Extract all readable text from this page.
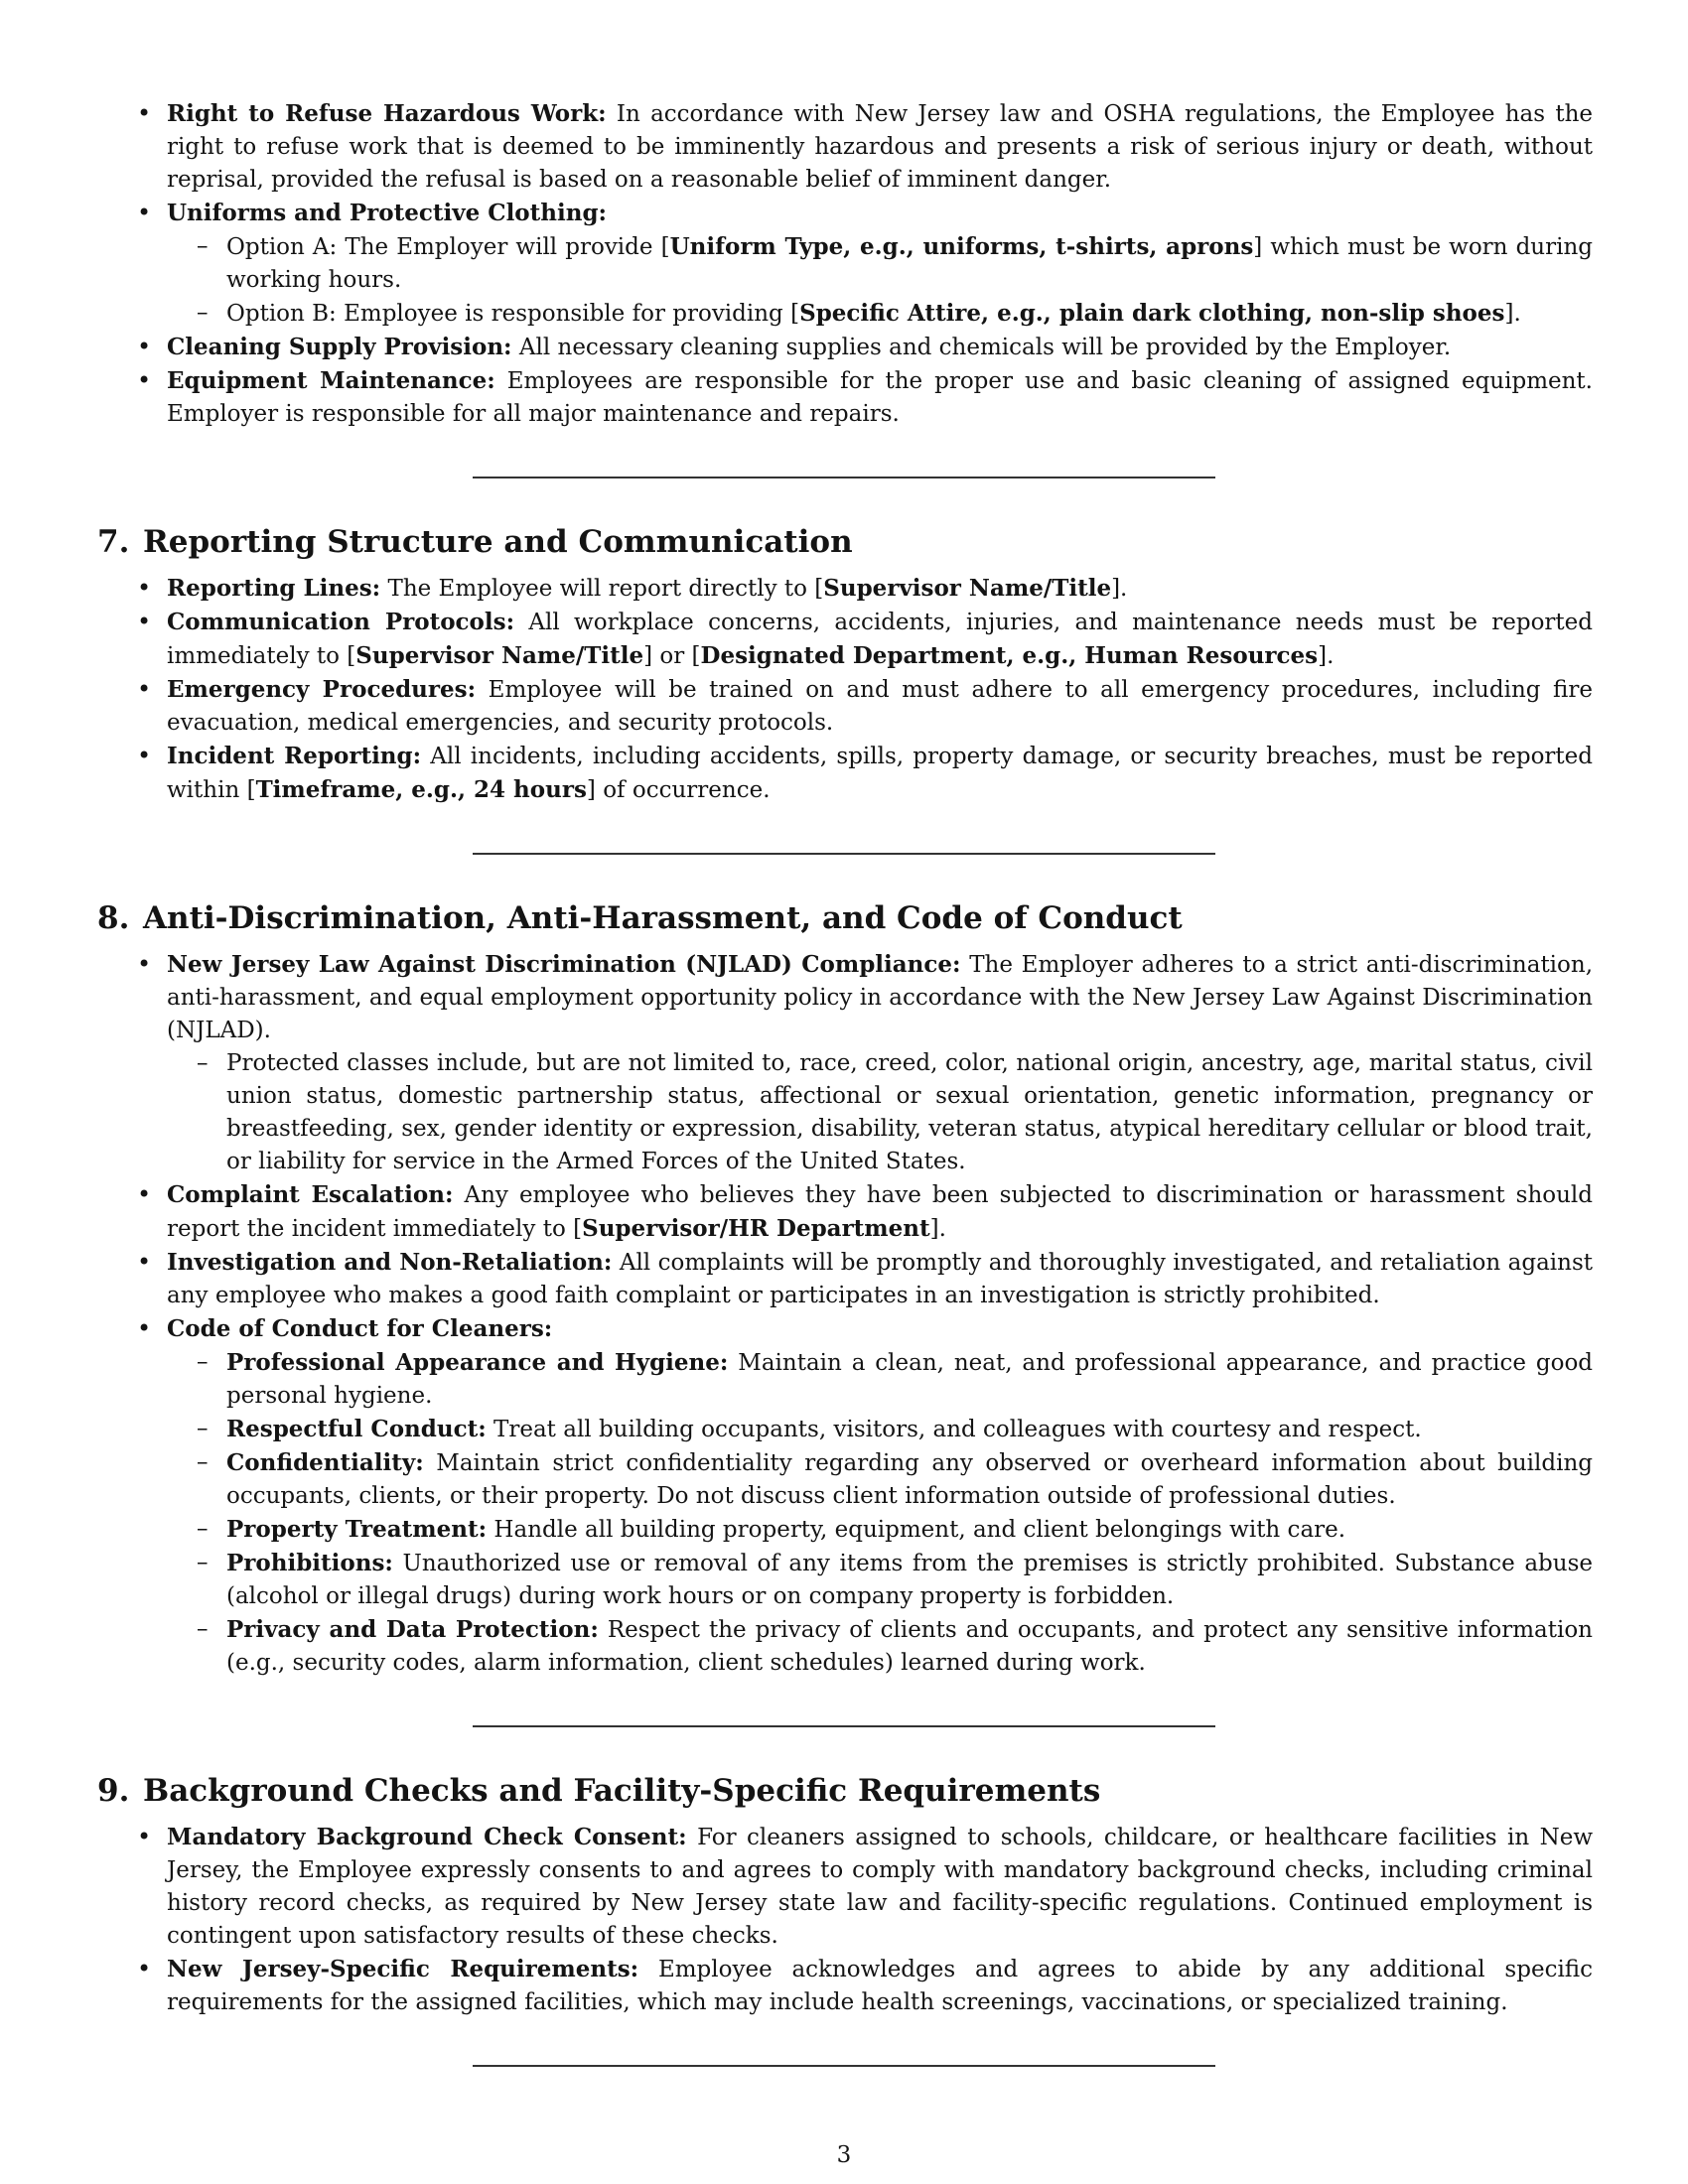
• Right to Refuse Hazardous Work: In accordance with New Jersey law and OSHA regulations, the Employee has the right to refuse work that is deemed to be imminently hazardous and presents a risk of serious injury or death, without reprisal, provided the refusal is based on a reasonable belief of imminent danger.
• Uniforms and Protective Clothing:
– Option A: The Employer will provide [Uniform Type, e.g., uniforms, t-shirts, aprons] which must be worn during working hours.
– Option B: Employee is responsible for providing [Specific Attire, e.g., plain dark clothing, non-slip shoes].
• Cleaning Supply Provision: All necessary cleaning supplies and chemicals will be provided by the Employer.
• Equipment Maintenance: Employees are responsible for the proper use and basic cleaning of assigned equipment. Employer is responsible for all major maintenance and repairs.
7. Reporting Structure and Communication
• Reporting Lines: The Employee will report directly to [Supervisor Name/Title].
• Communication Protocols: All workplace concerns, accidents, injuries, and maintenance needs must be reported immediately to [Supervisor Name/Title] or [Designated Department, e.g., Human Resources].
• Emergency Procedures: Employee will be trained on and must adhere to all emergency procedures, including fire evacuation, medical emergencies, and security protocols.
• Incident Reporting: All incidents, including accidents, spills, property damage, or security breaches, must be reported within [Timeframe, e.g., 24 hours] of occurrence.
8. Anti-Discrimination, Anti-Harassment, and Code of Conduct
• New Jersey Law Against Discrimination (NJLAD) Compliance: The Employer adheres to a strict anti-discrimination, anti-harassment, and equal employment opportunity policy in accordance with the New Jersey Law Against Discrimination (NJLAD).
– Protected classes include, but are not limited to, race, creed, color, national origin, ancestry, age, marital status, civil union status, domestic partnership status, affectional or sexual orientation, genetic information, pregnancy or breastfeeding, sex, gender identity or expression, disability, veteran status, atypical hereditary cellular or blood trait, or liability for service in the Armed Forces of the United States.
• Complaint Escalation: Any employee who believes they have been subjected to discrimination or harassment should report the incident immediately to [Supervisor/HR Department].
• Investigation and Non-Retaliation: All complaints will be promptly and thoroughly investigated, and retaliation against any employee who makes a good faith complaint or participates in an investigation is strictly prohibited.
• Code of Conduct for Cleaners:
– Professional Appearance and Hygiene: Maintain a clean, neat, and professional appearance, and practice good personal hygiene.
– Respectful Conduct: Treat all building occupants, visitors, and colleagues with courtesy and respect.
– Confidentiality: Maintain strict confidentiality regarding any observed or overheard information about building occupants, clients, or their property. Do not discuss client information outside of professional duties.
– Property Treatment: Handle all building property, equipment, and client belongings with care.
– Prohibitions: Unauthorized use or removal of any items from the premises is strictly prohibited. Substance abuse (alcohol or illegal drugs) during work hours or on company property is forbidden.
– Privacy and Data Protection: Respect the privacy of clients and occupants, and protect any sensitive information (e.g., security codes, alarm information, client schedules) learned during work.
9. Background Checks and Facility-Specific Requirements
• Mandatory Background Check Consent: For cleaners assigned to schools, childcare, or healthcare facilities in New Jersey, the Employee expressly consents to and agrees to comply with mandatory background checks, including criminal history record checks, as required by New Jersey state law and facility-specific regulations. Continued employment is contingent upon satisfactory results of these checks.
• New Jersey-Specific Requirements: Employee acknowledges and agrees to abide by any additional specific requirements for the assigned facilities, which may include health screenings, vaccinations, or specialized training.
3
